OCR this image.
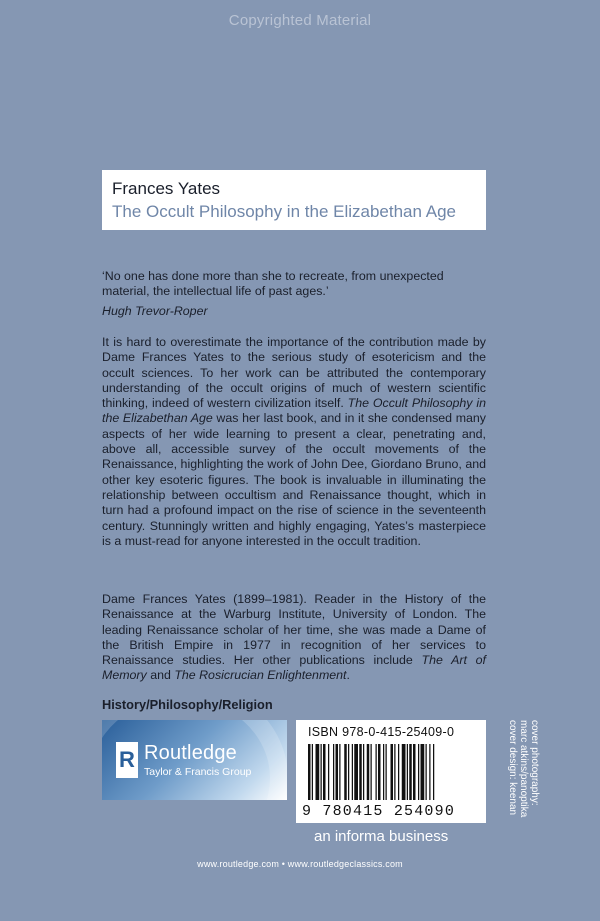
Copyrighted Material
Frances Yates
The Occult Philosophy in the Elizabethan Age
‘No one has done more than she to recreate, from unexpected material, the intellectual life of past ages.’
Hugh Trevor-Roper
It is hard to overestimate the importance of the contribution made by Dame Frances Yates to the serious study of esotericism and the occult sciences. To her work can be attributed the contemporary understanding of the occult origins of much of western scientific thinking, indeed of western civilization itself. The Occult Philosophy in the Elizabethan Age was her last book, and in it she condensed many aspects of her wide learning to present a clear, penetrating and, above all, accessible survey of the occult movements of the Renaissance, highlighting the work of John Dee, Giordano Bruno, and other key esoteric figures. The book is invaluable in illuminating the relationship between occultism and Renaissance thought, which in turn had a profound impact on the rise of science in the seventeenth century. Stunningly written and highly engaging, Yates’s masterpiece is a must-read for anyone interested in the occult tradition.
Dame Frances Yates (1899–1981). Reader in the History of the Renaissance at the Warburg Institute, University of London. The leading Renaissance scholar of her time, she was made a Dame of the British Empire in 1977 in recognition of her services to Renaissance studies. Her other publications include The Art of Memory and The Rosicrucian Enlightenment.
History/Philosophy/Religion
R Routledge
Taylor & Francis Group
ISBN 978-0-415-25409-0
9 780415 254090
an informa business
cover photography:
marc atkins/panoptika
cover design: keenan
www.routledge.com • www.routledgeclassics.com
